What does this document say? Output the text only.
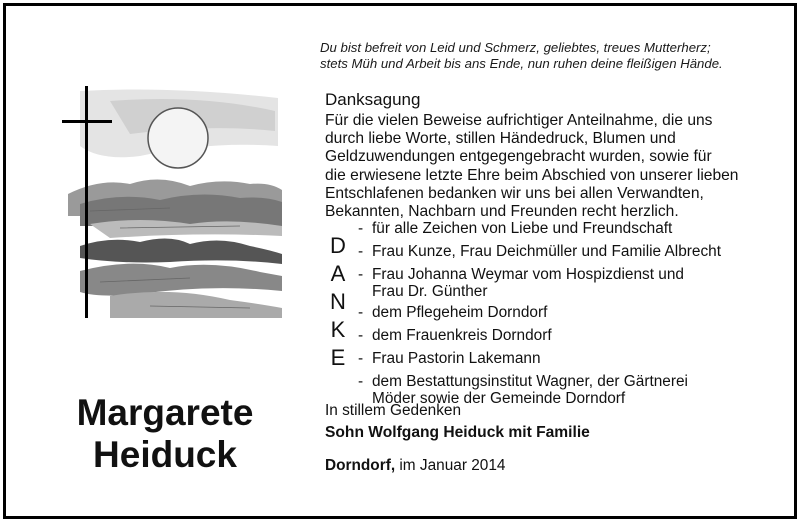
Du bist befreit von Leid und Schmerz, geliebtes, treues Mutterherz;
stets Müh und Arbeit bis ans Ende, nun ruhen deine fleißigen Hände.
Danksagung
Für die vielen Beweise aufrichtiger Anteilnahme, die uns
durch liebe Worte, stillen Händedruck, Blumen und
Geldzuwendungen entgegengebracht wurden, sowie für
die erwiesene letzte Ehre beim Abschied von unserer lieben
Entschlafenen bedanken wir uns bei allen Verwandten,
Bekannten, Nachbarn und Freunden recht herzlich.
D
A
N
K
E
- für alle Zeichen von Liebe und Freundschaft
- Frau Kunze, Frau Deichmüller und Familie Albrecht
- Frau Johanna Weymar vom Hospizdienst und
Frau Dr. Günther
- dem Pflegeheim Dorndorf
- dem Frauenkreis Dorndorf
- Frau Pastorin Lakemann
- dem Bestattungsinstitut Wagner, der Gärtnerei
Möder sowie der Gemeinde Dorndorf
Margarete
Heiduck
In stillem Gedenken
Sohn Wolfgang Heiduck mit Familie
Dorndorf, im Januar 2014
